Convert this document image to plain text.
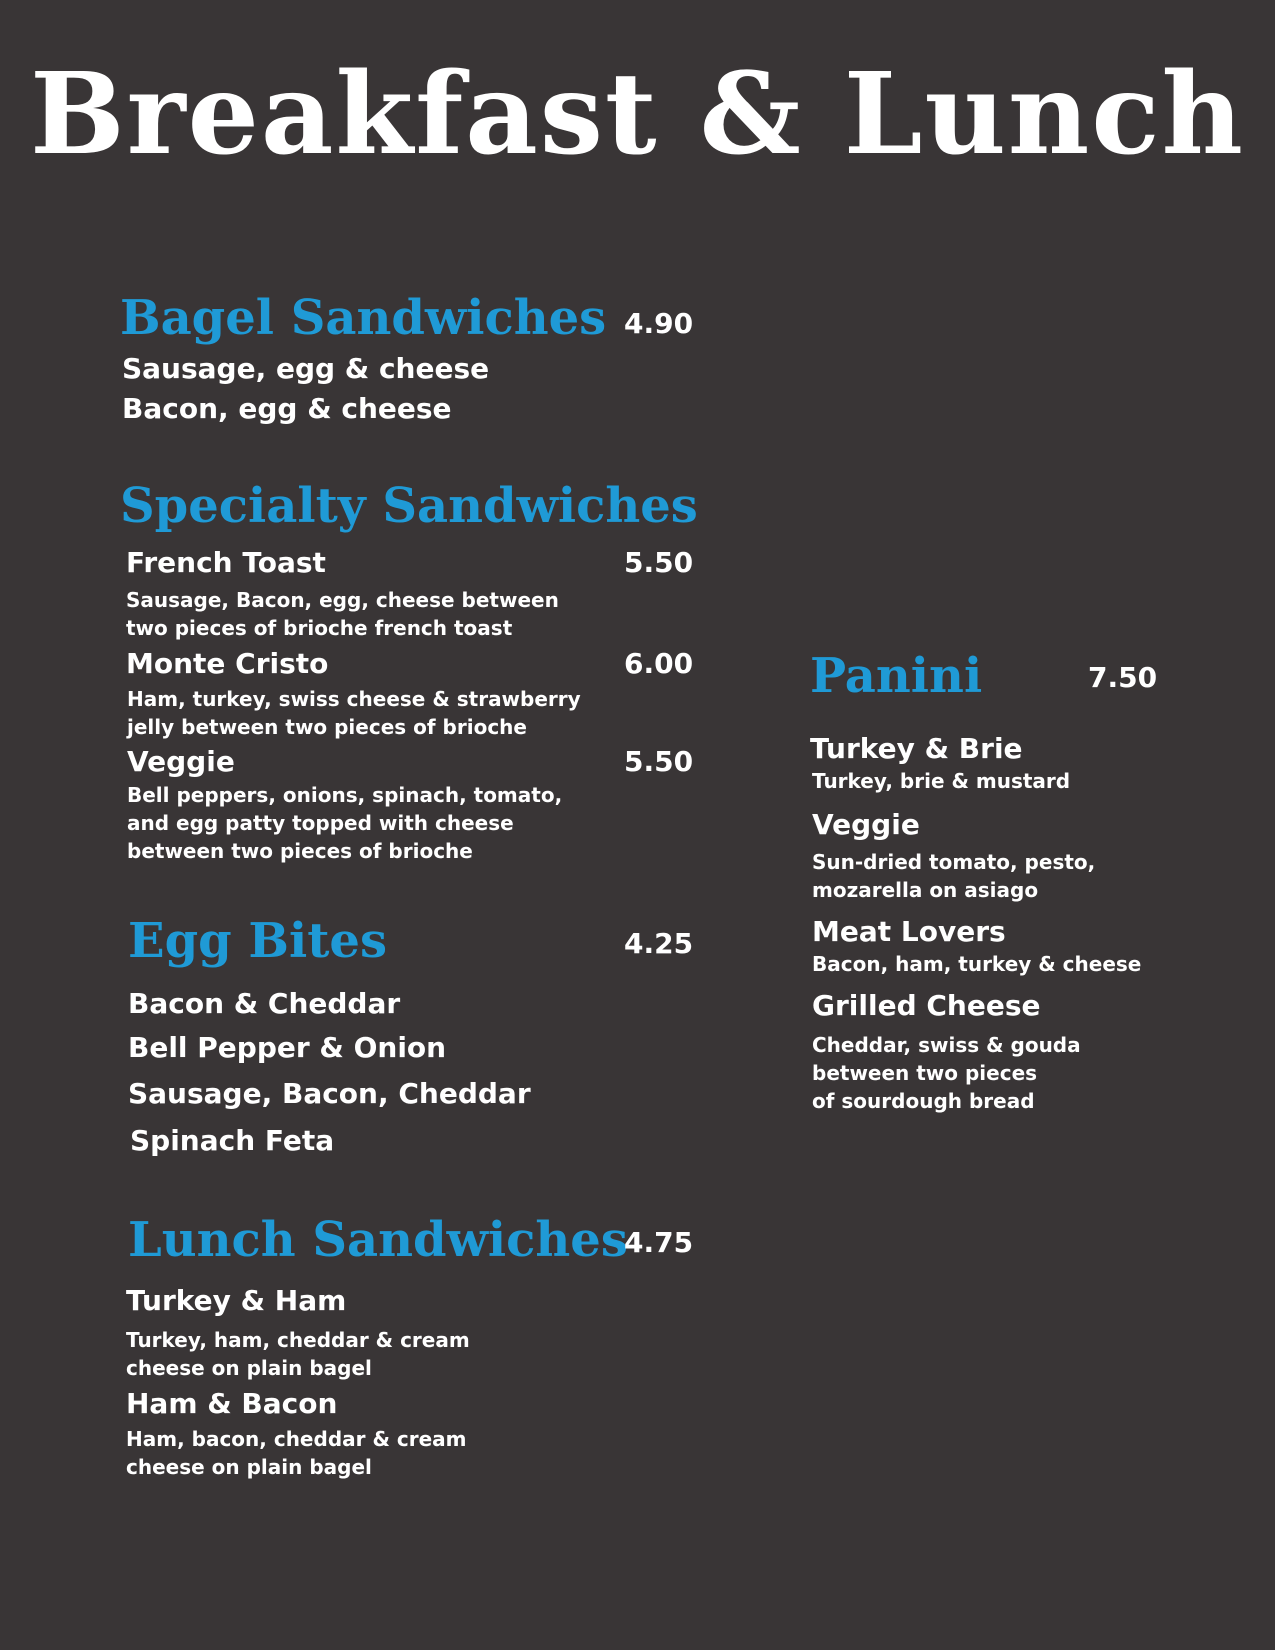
Breakfast & Lunch
Bagel Sandwiches 4.90
Sausage, egg & cheese
Bacon, egg & cheese
Specialty Sandwiches
French Toast	5.50
Sausage, Bacon, egg, cheese between
two pieces of brioche french toast
Monte Cristo	6.00
Ham, turkey, swiss cheese & strawberry
jelly between two pieces of brioche
Veggie	5.50
Bell peppers, onions, spinach, tomato,
and egg patty topped with cheese
between two pieces of brioche
Egg Bites	4.25
Bacon & Cheddar
Bell Pepper & Onion
Sausage, Bacon, Cheddar
Spinach Feta
Lunch Sandwiches
4.75
Turkey & Ham
Turkey, ham, cheddar & cream
cheese on plain bagel
Ham & Bacon
Ham, bacon, cheddar & cream
cheese on plain bagel
Panini	7.50
Turkey & Brie
Turkey, brie & mustard
Veggie
Sun-dried tomato, pesto,
mozarella on asiago
Meat Lovers
Bacon, ham, turkey & cheese
Grilled Cheese
Cheddar, swiss & gouda
between two pieces
of sourdough bread
